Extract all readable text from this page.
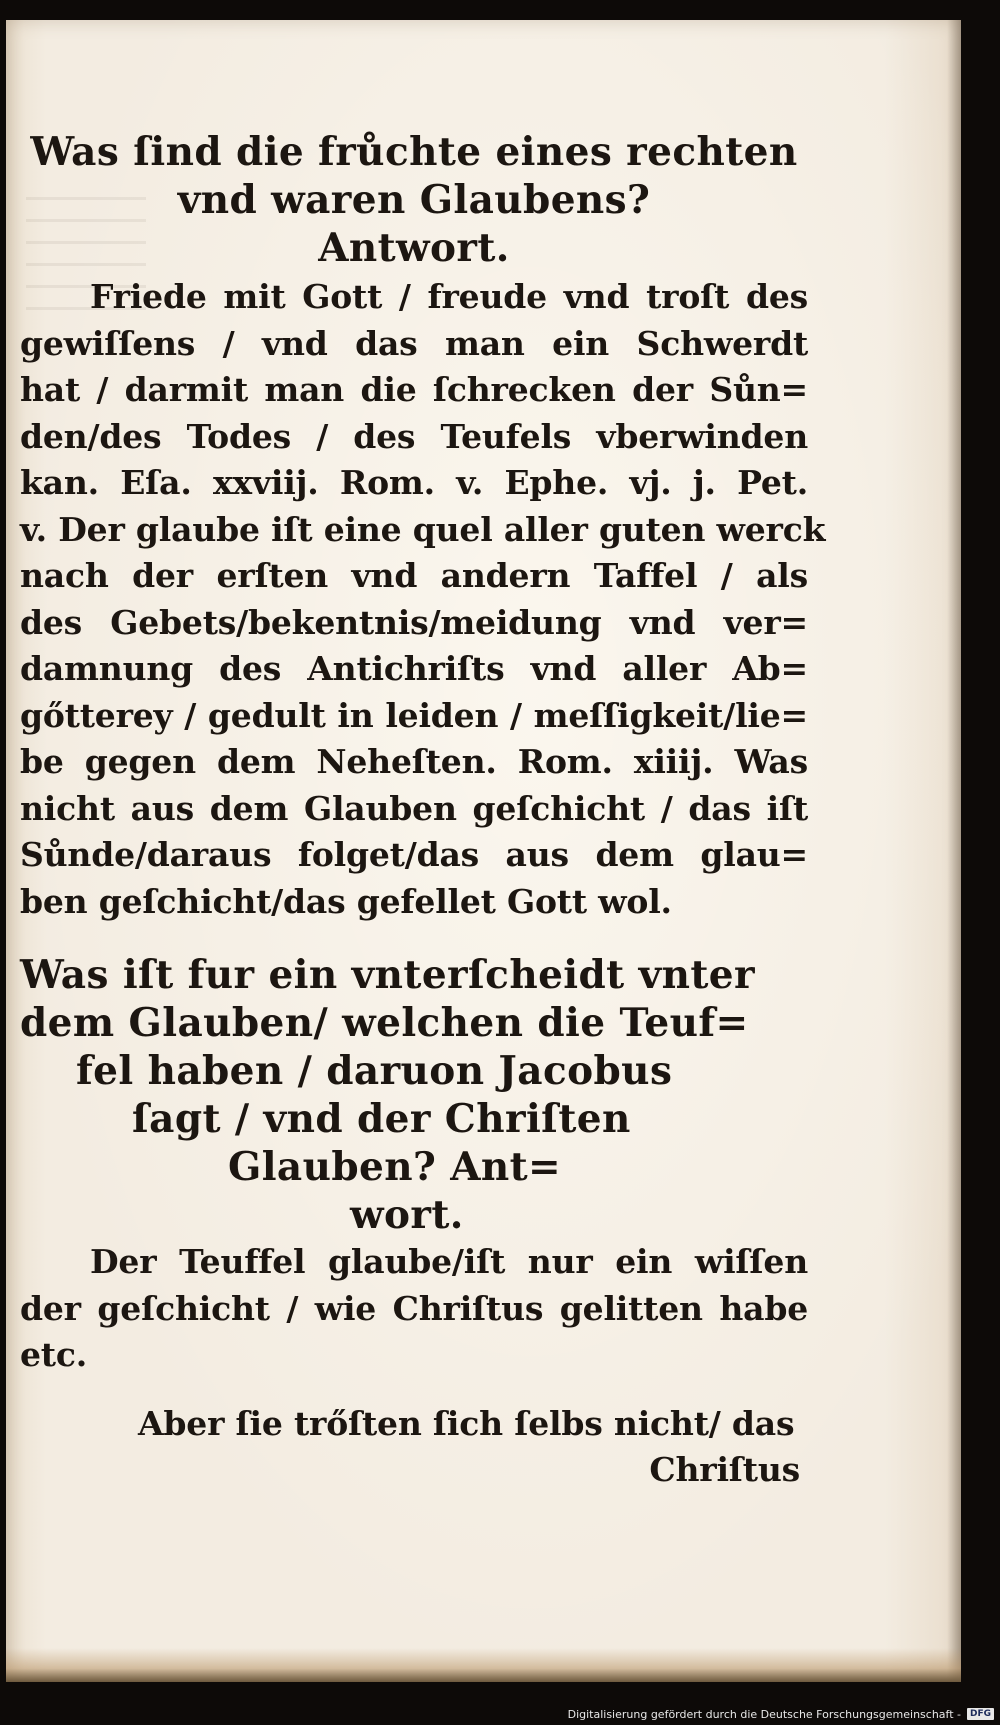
Was ſind die frůchte eines rechten
vnd waren Glaubens?
Antwort.
Friede mit Gott / freude vnd troſt des
gewiſſens / vnd das man ein Schwerdt
hat / darmit man die ſchrecken der Sůn=
den/des Todes / des Teufels vberwinden
kan. Eſa. xxviij. Rom. v. Ephe. vj. j. Pet.
v. Der glaube iſt eine quel aller guten werck
nach der erſten vnd andern Taffel / als
des Gebets/bekentnis/meidung vnd ver=
damnung des Antichriſts vnd aller Ab=
gőtterey / gedult in leiden / meſſigkeit/lie=
be gegen dem Neheſten. Rom. xiiij. Was
nicht aus dem Glauben geſchicht / das iſt
Sůnde/daraus folget/das aus dem glau=
ben geſchicht/das gefellet Gott wol.
Was iſt fur ein vnterſcheidt vnter
dem Glauben/ welchen die Teuf=
fel haben / daruon Jacobus
ſagt / vnd der Chriſten
Glauben? Ant=
wort.
Der Teuffel glaube/iſt nur ein wiſſen
der geſchicht / wie Chriſtus gelitten habe
etc.
Aber ſie trőſten ſich ſelbs nicht/ das
Chriſtus
Digitalisierung gefördert durch die Deutsche Forschungsgemeinschaft -	DFG
